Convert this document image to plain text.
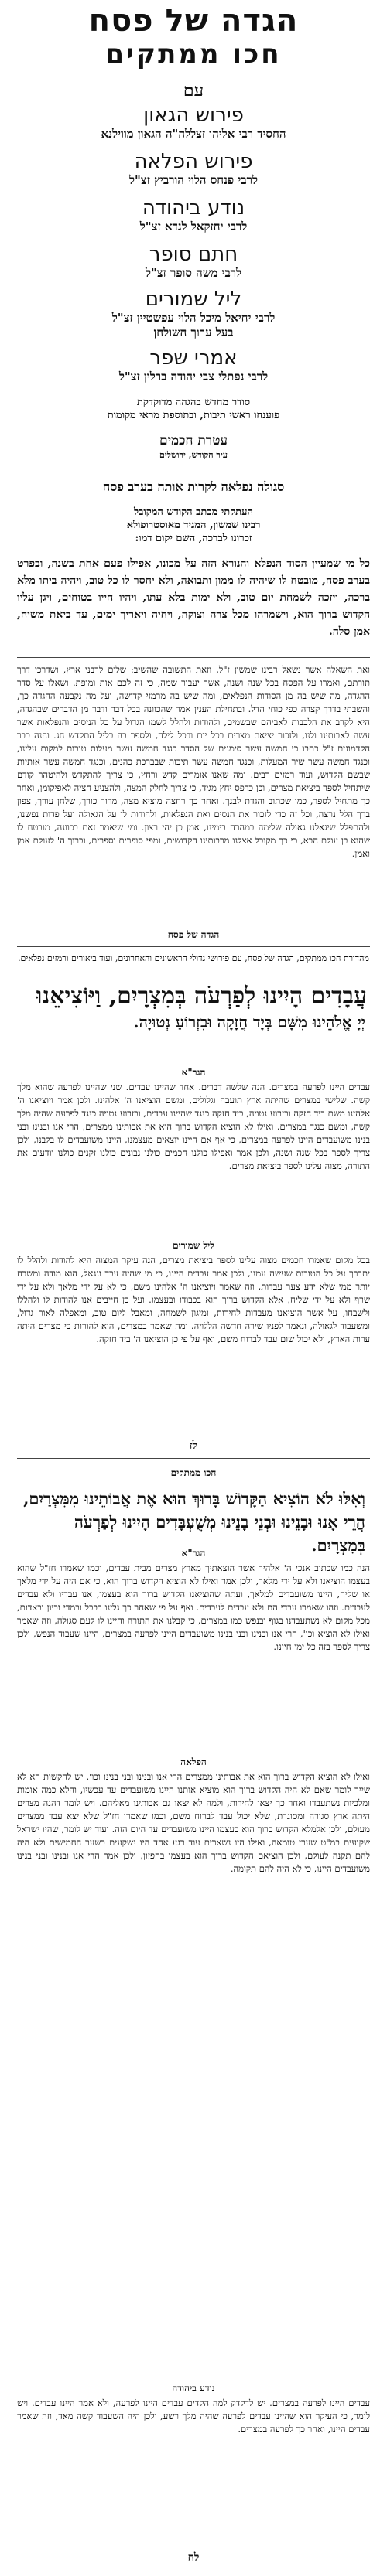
הגדה של פסח
חכו ממתקים
עם
פירוש הגאון
החסיד רבי אליהו זצללה"ה הגאון מווילנא
פירוש הפלאה
לרבי פנחס הלוי הורביץ זצ"ל
נודע ביהודה
לרבי יחזקאל לנדא זצ"ל
חתם סופר
לרבי משה סופר זצ"ל
ליל שמורים
לרבי יחיאל מיכל הלוי עפשטיין זצ"ל
בעל ערוך השולחן
אמרי שפר
לרבי נפתלי צבי יהודה ברלין זצ"ל
סודר מחדש בהגהה מדוקדקת
פוענחו ראשי תיבות, ובתוספת מראי מקומות
עטרת חכמים
עיר הקודש, ירושלים
סגולה נפלאה לקרות אותה בערב פסח
העתקתי מכתב הקודש המקובל
רבינו שמשון, המגיד מאוסטרופולא
זכרונו לברכה, השם יקום דמו:
כל מי שמעיין הסוד הנפלא והנורא הזה על מכונו, אפילו פעם אחת בשנה, ובפרט בערב פסח, מובטח לו שיהיה לו ממון ותבואה, ולא יחסר לו כל טוב, ויהיה ביתו מלא ברכה, ויזכה לשמחת יום טוב, ולא ימות בלא עתו, ויהיו חייו בטוחים, ויגן עליו הקדוש ברוך הוא, וישמרהו מכל צרה וצוקה, ויחיה ויאריך ימים, עד ביאת משיח, אמן סלה.
ואת השאלה אשר נשאל רבינו שמשון ז"ל, וזאת התשובה שהשיב: שלום לרבני ארץ, ושדרכי דרך תורתם, ואמרו על הפסח בכל שנה ושנה, אשר יעבור שמה, כי זה לכם אות ומופת. ושאלו על סדר ההגדה, מה שיש בה מן הסודות הנפלאים, ומה שיש בה מרמזי קדושה, ועל מה נקבעה ההגדה כך, והשבתי בדרך קצרה כפי כוחי הדל. ובתחילת הענין אמר שהכוונה בכל דבר ודבר מן הדברים שבהגדה, היא לקרב את הלבבות לאביהם שבשמים, ולהודות ולהלל לשמו הגדול על כל הניסים והנפלאות אשר עשה לאבותינו ולנו, ולזכור יציאת מצרים בכל יום ובכל לילה, ולספר בה בליל התקדש חג. והנה כבר הקדמונים ז"ל כתבו כי חמשה עשר סימנים של הסדר כנגד חמשה עשר מעלות טובות למקום עלינו, וכנגד חמשה עשר שיר המעלות, וכנגד חמשה עשר תיבות שבברכת כהנים, וכנגד חמשה עשר אותיות שבשם הקדוש, ועוד רמזים רבים. ומה שאנו אומרים קדש ורחץ, כי צריך להתקדש ולהיטהר קודם שיתחיל לספר ביציאת מצרים, וכן כרפס יחץ מגיד, כי צריך לחלק המצה, ולהצניע חציה לאפיקומן, ואחר כך מתחיל לספר, כמו שכתוב והגדת לבנך. ואחר כך רחצה מוציא מצה, מרור כורך, שלחן עורך, צפון ברך הלל נרצה, וכל זה כדי לזכור את הנסים ואת הנפלאות, ולהודות לו על הגאולה ועל פדות נפשנו, ולהתפלל שיגאלנו גאולה שלימה במהרה בימינו, אמן כן יהי רצון. ומי שיאמר זאת בכוונה, מובטח לו שהוא בן עולם הבא, כי כך מקובל אצלנו מרבותינו הקדושים, ומפי סופרים וספרים, וברוך ה' לעולם אמן ואמן.
הגדה של פסח
מהדורת חכו ממתקים, הגדה של פסח, עם פירושי גדולי הראשונים והאחרונים, ועוד ביאורים ורמזים נפלאים.
עֲבָדִים הָיִינוּ לְפַרְעֹה בְּמִצְרָיִם, וַיּוֹצִיאֵנוּ
יְיָ אֱלֹהֵינוּ מִשָּׁם בְּיָד חֲזָקָה וּבִזְרוֹעַ נְטוּיָה.
הגר"א
עבדים היינו לפרעה במצרים. הנה שלשה דברים. אחד שהיינו עבדים. שני שהיינו לפרעה שהוא מלך קשה. שלישי במצרים שהיתה ארץ תועבה וגלולים, ומשם הוציאנו ה' אלהינו. ולכן אמר ויוציאנו ה' אלהינו משם ביד חזקה ובזרוע נטויה, ביד חזקה כנגד שהיינו עבדים, ובזרוע נטויה כנגד לפרעה שהיה מלך קשה, ומשם כנגד במצרים. ואילו לא הוציא הקדוש ברוך הוא את אבותינו ממצרים, הרי אנו ובנינו ובני בנינו משועבדים היינו לפרעה במצרים, כי אף אם היינו יוצאים מעצמנו, היינו משועבדים לו בלבנו, ולכן צריך לספר בכל שנה ושנה, ולכן אמר ואפילו כולנו חכמים כולנו נבונים כולנו זקנים כולנו יודעים את התורה, מצוה עלינו לספר ביציאת מצרים.
ליל שמורים
בכל מקום שאמרו חכמים מצוה עלינו לספר ביציאת מצרים, הנה עיקר המצוה היא להודות ולהלל לו יתברך על כל הטובות שעשה עמנו, ולכן אמר עבדים היינו, כי מי שהיה עבד ונגאל, הוא מודה ומשבח יותר ממי שלא ידע צער עבדות, וזה שאמר ויוציאנו ה' אלהינו משם, כי לא על ידי מלאך ולא על ידי שרף ולא על ידי שליח, אלא הקדוש ברוך הוא בכבודו ובעצמו. ועל כן חייבים אנו להודות לו ולהללו ולשבחו, על אשר הוציאנו מעבדות לחירות, ומיגון לשמחה, ומאבל ליום טוב, ומאפלה לאור גדול, ומשעבוד לגאולה, ונאמר לפניו שירה חדשה הללויה. ומה שאמר במצרים, הוא להורות כי מצרים היתה ערות הארץ, ולא יכול שום עבד לברוח משם, ואף על פי כן הוציאנו ה' ביד חזקה.
לז
חכו ממתקים
וְאִלּוּ לֹא הוֹצִיא הַקָּדוֹשׁ בָּרוּךְ הוּא אֶת אֲבוֹתֵינוּ מִמִּצְרַיִם,
הֲרֵי אָנוּ וּבָנֵינוּ וּבְנֵי בָנֵינוּ מְשֻׁעְבָּדִים הָיִינוּ לְפַרְעֹה בְּמִצְרָיִם.
הגר"א
הנה כמו שכתוב אנכי ה' אלהיך אשר הוצאתיך מארץ מצרים מבית עבדים, וכמו שאמרו חז"ל שהוא בעצמו הוציאנו ולא על ידי מלאך, ולכן אמר ואילו לא הוציא הקדוש ברוך הוא, כי אם היה על ידי מלאך או שליח, היינו משועבדים למלאך, ועתה שהוציאנו הקדוש ברוך הוא בעצמו, אנו עבדיו ולא עבדים לעבדים. וזהו שאמרו עבדי הם ולא עבדים לעבדים. ואף על פי שאחר כך גלינו בבבל ובמדי וביון ובאדום, מכל מקום לא נשתעבדנו בגוף ובנפש כמו במצרים, כי קבלנו את התורה והיינו לו לעם סגולה, וזה שאמר ואילו לא הוציא וכו', הרי אנו ובנינו ובני בנינו משועבדים היינו לפרעה במצרים, היינו שעבוד הנפש, ולכן צריך לספר בזה כל ימי חיינו.
הפלאה
ואילו לא הוציא הקדוש ברוך הוא את אבותינו ממצרים הרי אנו ובנינו ובני בנינו וכו'. יש להקשות הא לא שייך לומר שאם לא היה הקדוש ברוך הוא מוציא אותנו היינו משועבדים עד עכשיו, והלא כמה אומות ומלכיות נשתעבדו ואחר כך יצאו לחירות, ולמה לא יצאו גם אבותינו מאליהם. ויש לומר דהנה מצרים היתה ארץ סגורה ומסוגרת, שלא יכול עבד לברוח משם, וכמו שאמרו חז"ל שלא יצא עבד ממצרים מעולם, ולכן אלמלא הקדוש ברוך הוא בעצמו היינו משועבדים עד היום הזה. ועוד יש לומר, שהיו ישראל שקועים במ"ט שערי טומאה, ואילו היו נשארים עוד רגע אחד היו נשקעים בשער החמישים ולא היה להם תקנה לעולם, ולכן הוציאם הקדוש ברוך הוא בעצמו בחפזון, ולכן אמר הרי אנו ובנינו ובני בנינו משועבדים היינו, כי לא היה להם תקומה.
נודע ביהודה
עבדים היינו לפרעה במצרים. יש לדקדק למה הקדים עבדים היינו לפרעה, ולא אמר היינו עבדים. ויש לומר, כי העיקר הוא שהיינו עבדים לפרעה שהיה מלך רשע, ולכן היה השעבוד קשה מאד, וזה שאמר עבדים היינו, ואחר כך לפרעה במצרים.
לח
